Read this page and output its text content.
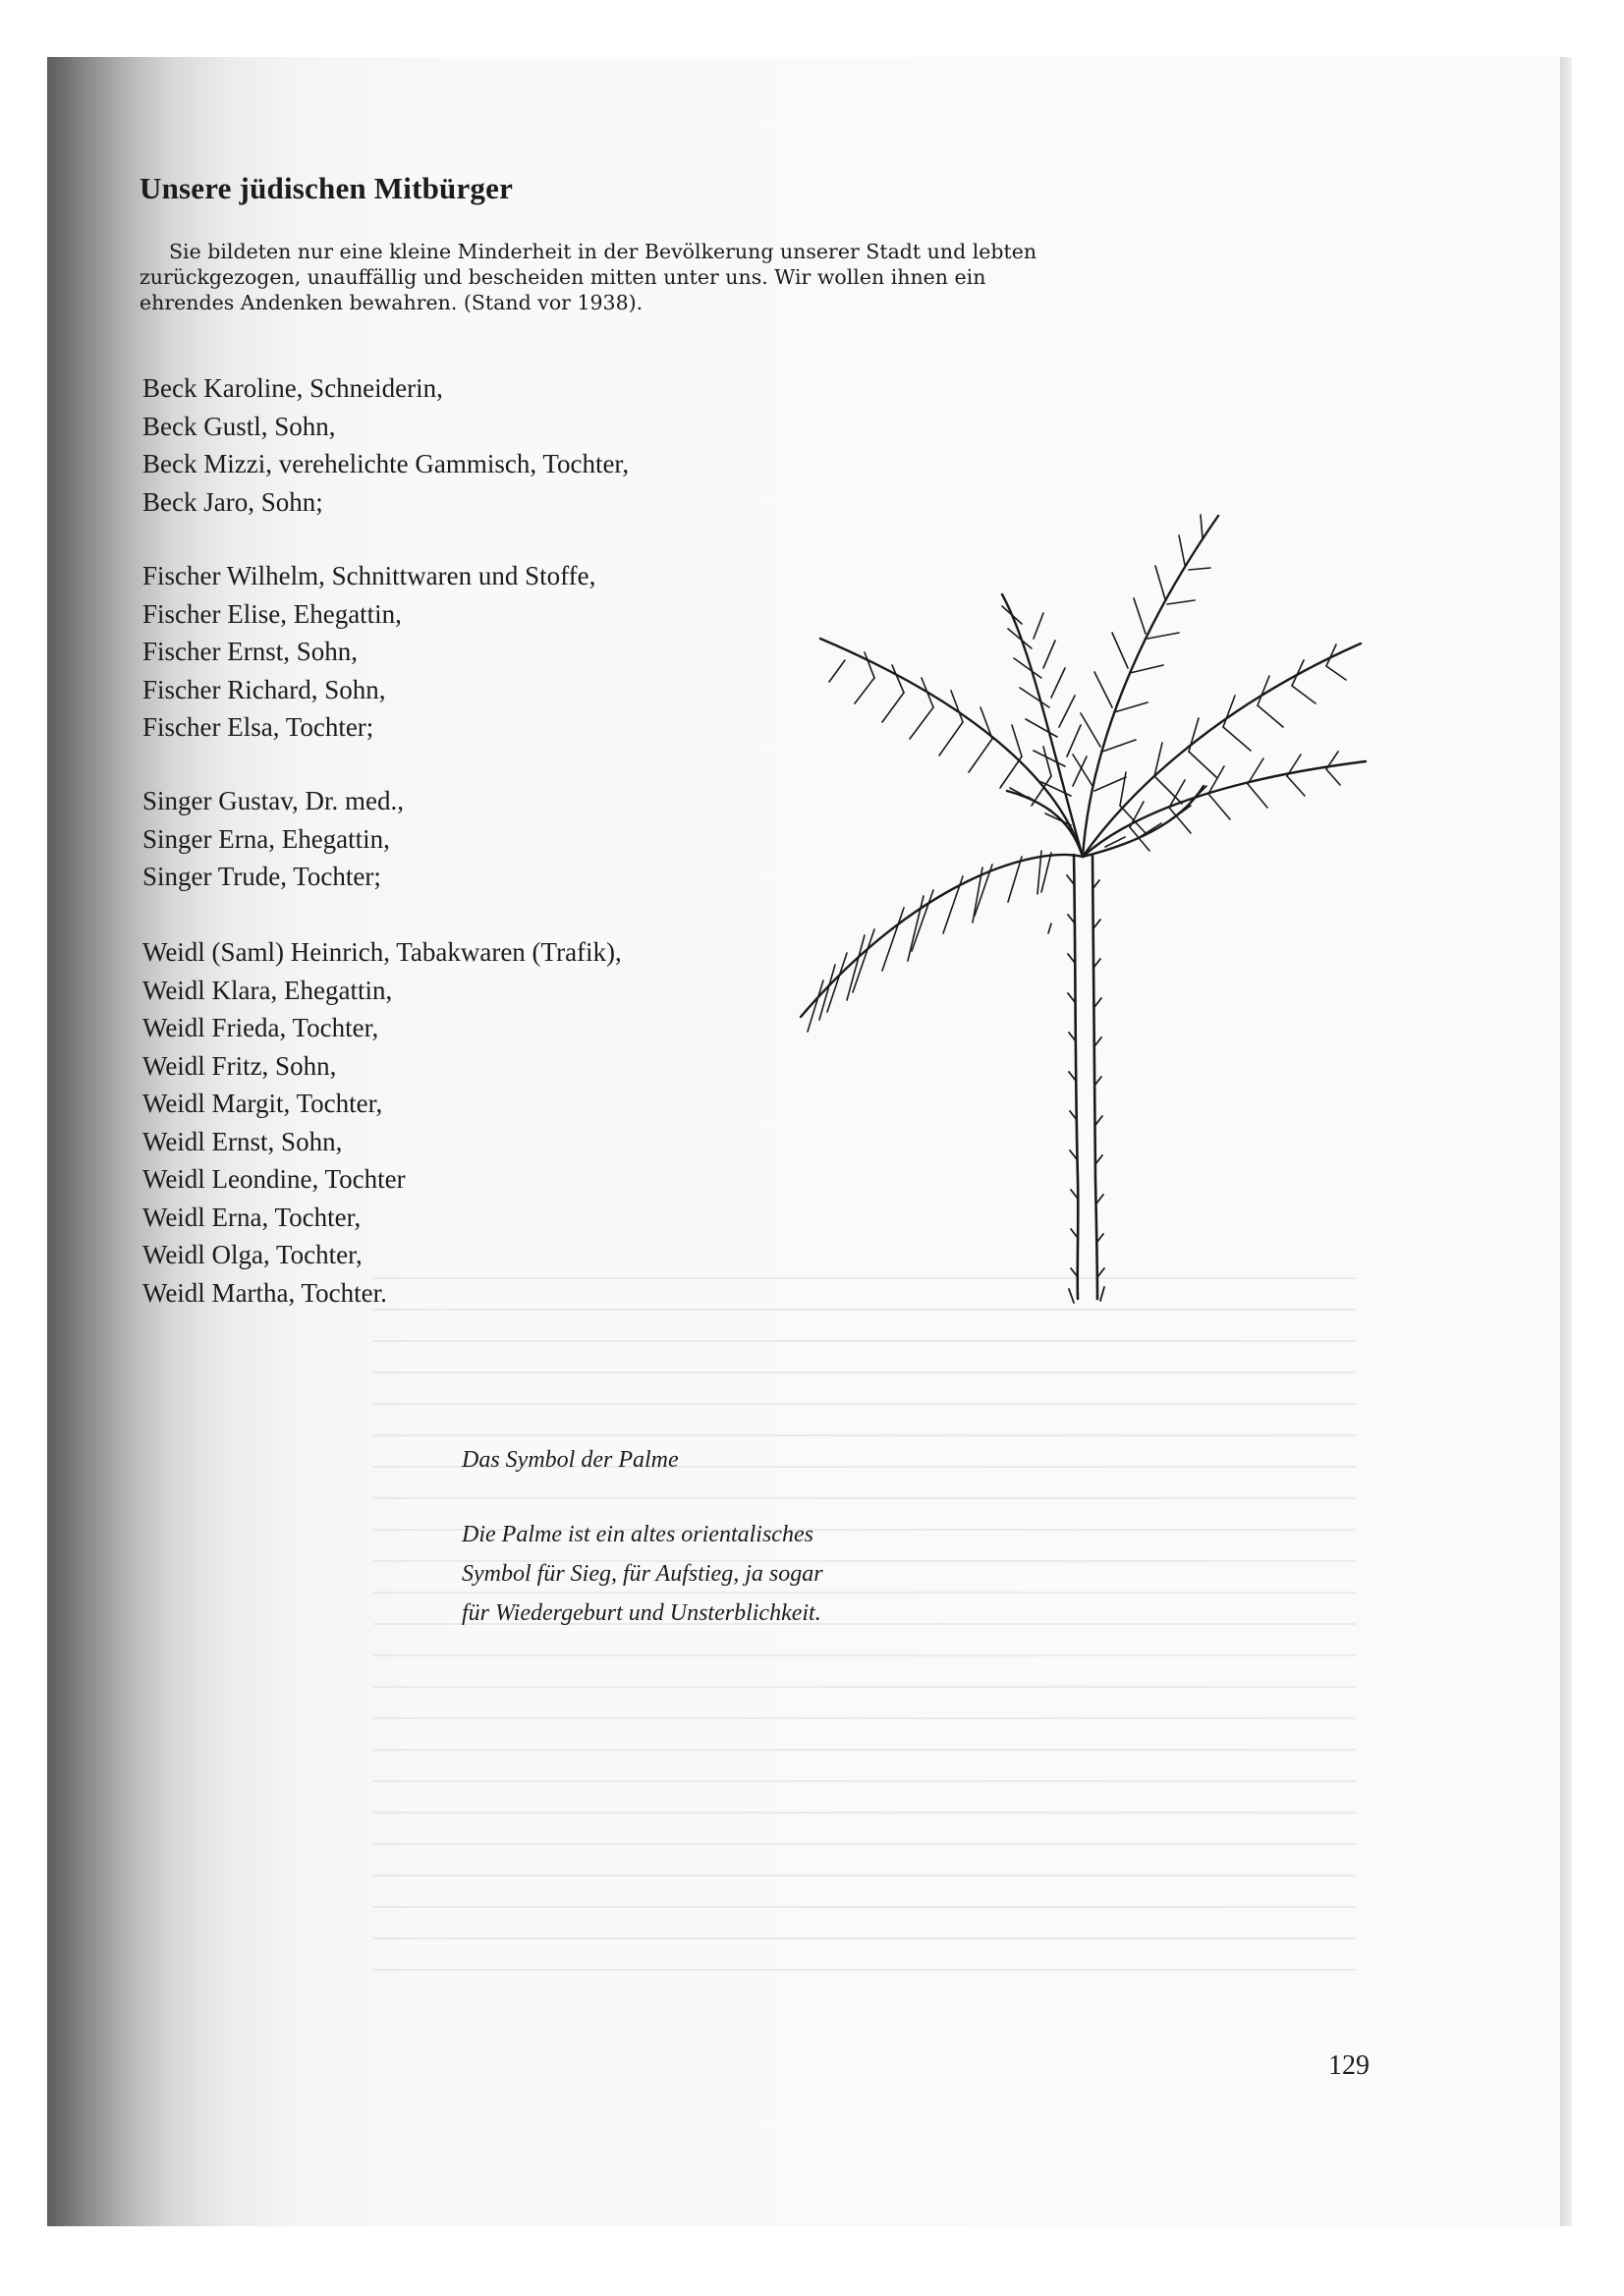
Unsere jüdischen Mitbürger

Sie bildeten nur eine kleine Minderheit in der Bevölkerung unserer Stadt und lebten
zurückgezogen, unauffällig und bescheiden mitten unter uns. Wir wollen ihnen ein
ehrendes Andenken bewahren. (Stand vor 1938).

Beck Karoline, Schneiderin,
Beck Gustl, Sohn,
Beck Mizzi, verehelichte Gammisch, Tochter,
Beck Jaro, Sohn;
Fischer Wilhelm, Schnittwaren und Stoffe,
Fischer Elise, Ehegattin,
Fischer Ernst, Sohn,
Fischer Richard, Sohn,
Fischer Elsa, Tochter;
Singer Gustav, Dr. med.,
Singer Erna, Ehegattin,
Singer Trude, Tochter;
Weidl (Saml) Heinrich, Tabakwaren (Trafik),
Weidl Klara, Ehegattin,
Weidl Frieda, Tochter,
Weidl Fritz, Sohn,
Weidl Margit, Tochter,
Weidl Ernst, Sohn,
Weidl Leondine, Tochter
Weidl Erna, Tochter,
Weidl Olga, Tochter,
Weidl Martha, Tochter.
Das Symbol der Palme
Die Palme ist ein altes orientalisches
Symbol für Sieg, für Aufstieg, ja sogar
für Wiedergeburt und Unsterblichkeit.
129
